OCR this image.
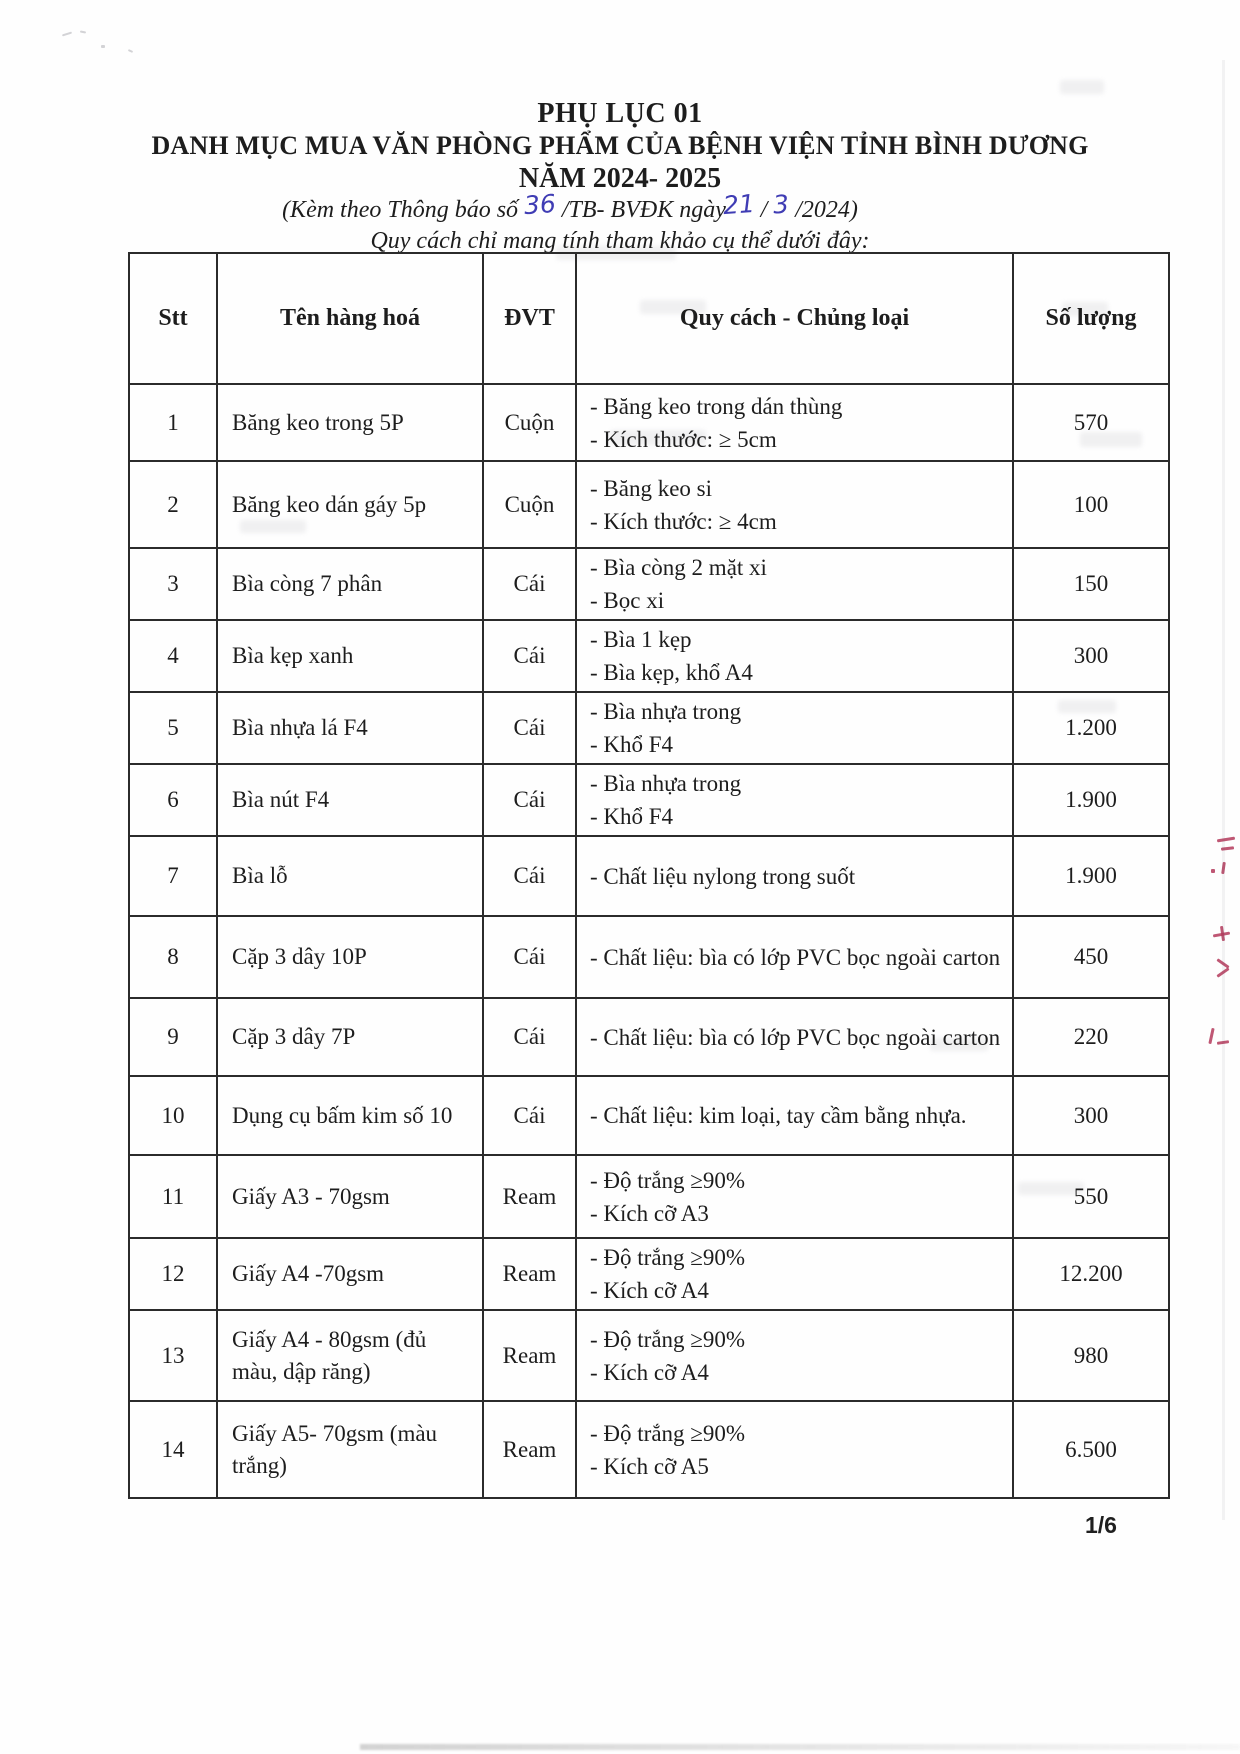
PHỤ LỤC 01
DANH MỤC MUA VĂN PHÒNG PHẨM CỦA BỆNH VIỆN TỈNH BÌNH DƯƠNG
NĂM 2024- 2025
(Kèm theo Thông báo số 36 /TB- BVĐK ngày21 / 3 /2024)
Quy cách chỉ mang tính tham khảo cụ thể dưới đây:
Stt	Tên hàng hoá	ĐVT	Quy cách - Chủng loại	Số lượng
1	Băng keo trong 5P	Cuộn	- Băng keo trong dán thùng
- Kích thước: ≥ 5cm	570
2	Băng keo dán gáy 5p	Cuộn	- Băng keo si
- Kích thước: ≥ 4cm	100
3	Bìa còng 7 phân	Cái	- Bìa còng 2 mặt xi
- Bọc xi	150
4	Bìa kẹp xanh	Cái	- Bìa 1 kẹp
- Bìa kẹp, khổ A4	300
5	Bìa nhựa lá F4	Cái	- Bìa nhựa trong
- Khổ F4	1.200
6	Bìa nút F4	Cái	- Bìa nhựa trong
- Khổ F4	1.900
7	Bìa lỗ	Cái	- Chất liệu nylong trong suốt	1.900
8	Cặp 3 dây 10P	Cái	- Chất liệu: bìa có lớp PVC bọc ngoài carton	450
9	Cặp 3 dây 7P	Cái	- Chất liệu: bìa có lớp PVC bọc ngoài carton	220
10	Dụng cụ bấm kim số 10	Cái	- Chất liệu: kim loại, tay cầm bằng nhựa.	300
11	Giấy A3 - 70gsm	Ream	- Độ trắng ≥90%
- Kích cỡ A3	550
12	Giấy A4 -70gsm	Ream	- Độ trắng ≥90%
- Kích cỡ A4	12.200
13	Giấy A4 - 80gsm (đủ màu, dập răng)	Ream	- Độ trắng ≥90%
- Kích cỡ A4	980
14	Giấy A5- 70gsm (màu trắng)	Ream	- Độ trắng ≥90%
- Kích cỡ A5	6.500
1/6
